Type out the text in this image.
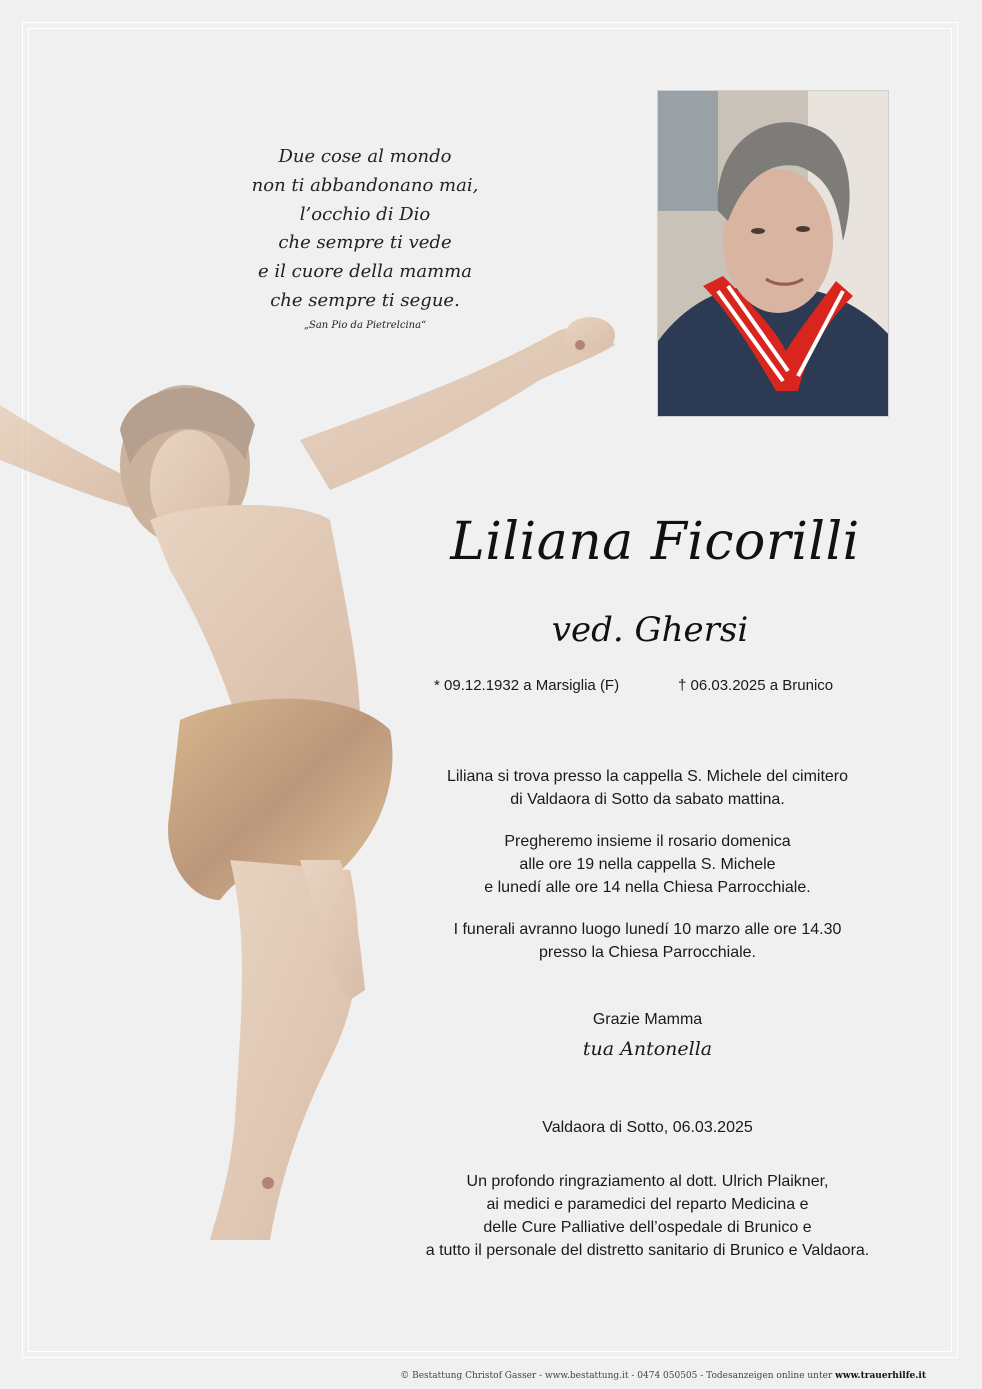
Due cose al mondo
non ti abbandonano mai,
l’occhio di Dio
che sempre ti vede
e il cuore della mamma
che sempre ti segue.
„San Pio da Pietrelcina“
Liliana Ficorilli
ved. Ghersi
* 09.12.1932 a Marsiglia (F)	† 06.03.2025 a Brunico
Liliana si trova presso la cappella S. Michele del cimitero
di Valdaora di Sotto da sabato mattina.
Pregheremo insieme il rosario domenica
alle ore 19 nella cappella S. Michele
e lunedí alle ore 14 nella Chiesa Parrocchiale.
I funerali avranno luogo lunedí 10 marzo alle ore 14.30
presso la Chiesa Parrocchiale.
Grazie Mamma
tua Antonella
Valdaora di Sotto, 06.03.2025
Un profondo ringraziamento al dott. Ulrich Plaikner,
ai medici e paramedici del reparto Medicina e
delle Cure Palliative dell’ospedale di Brunico e
a tutto il personale del distretto sanitario di Brunico e Valdaora.
© Bestattung Christof Gasser - www.bestattung.it - 0474 050505 - Todesanzeigen online unter www.trauerhilfe.it
